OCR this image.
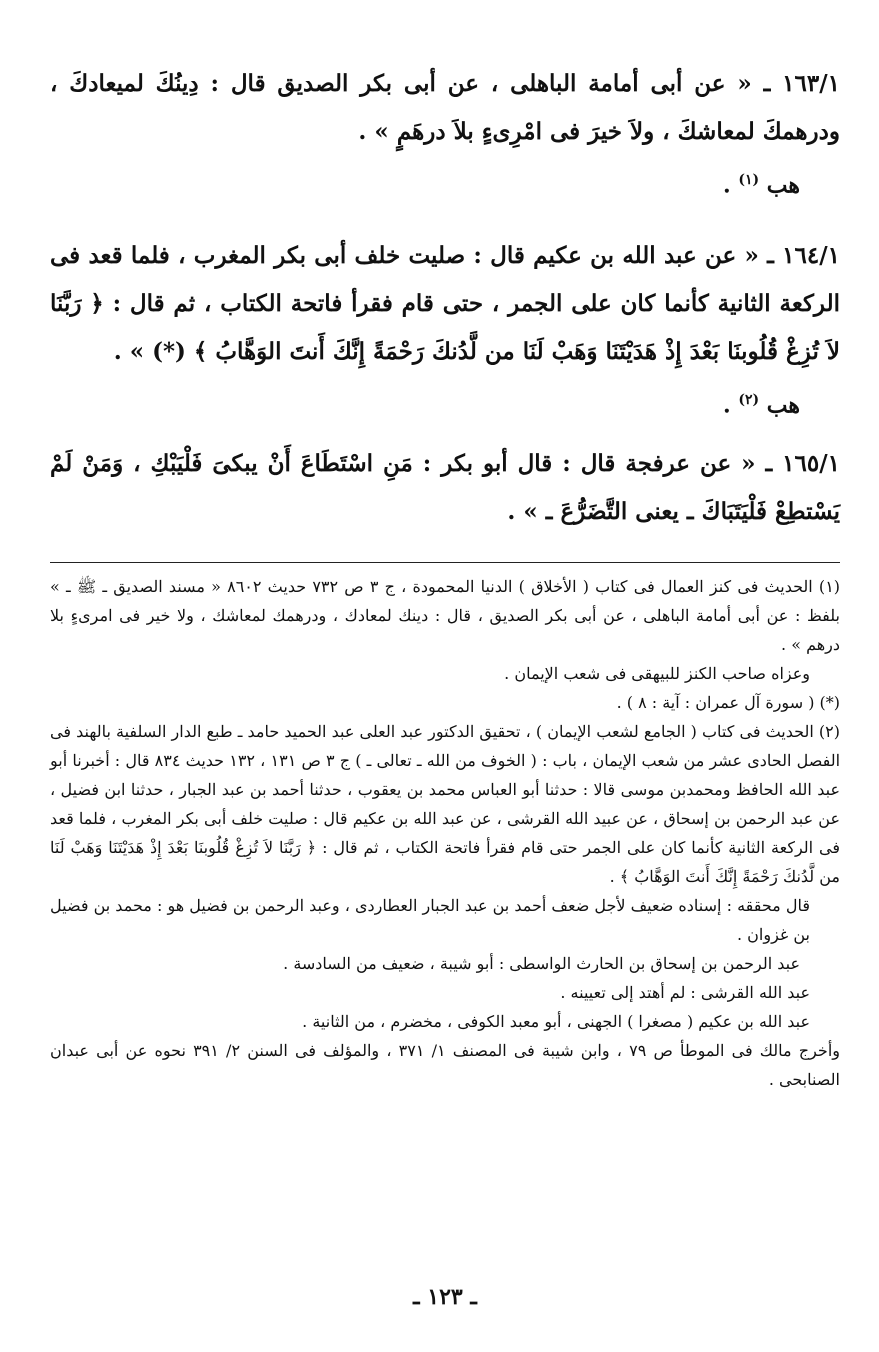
١٦٣/١ ـ « عن أبى أمامة الباهلى ، عن أبى بكر الصديق قال : دِينُكَ لميعادكَ ، ودرهمكَ لمعاشكَ ، ولاَ خيرَ فى امْرِىءٍ بلاَ درهَمٍ » .
هب $^{(١)}$ .
١٦٤/١ ـ « عن عبد الله بن عكيم قال : صليت خلف أبى بكر المغرب ، فلما قعد فى الركعة الثانية كأنما كان على الجمر ، حتى قام فقرأ فاتحة الكتاب ، ثم قال : ﴿ رَبَّنَا لاَ تُزِغْ قُلُوبنَا بَعْدَ إِذْ هَدَيْتَنَا وَهَبْ لَنَا من لَّدُنكَ رَحْمَةً إِنَّكَ أَنتَ الوَهَّابُ ﴾ (*) » .
هب $^{(٢)}$ .
١٦٥/١ ـ « عن عرفجة قال : قال أبو بكر : مَنِ اسْتَطَاعَ أَنْ يبكىَ فَلْيَبْكِ ، وَمَنْ لَمْ يَسْتطِعْ فَلْيَتَبَاكَ ـ يعنى التَّضَرُّعَ ـ » .

(١) الحديث فى كنز العمال فى كتاب ( الأخلاق ) الدنيا المحمودة ، ج ٣ ص ٧٣٢ حديث ٨٦٠٢ « مسند الصديق ـ ﷺ ـ » بلفظ : عن أبى أمامة الباهلى ، عن أبى بكر الصديق ، قال : دينك لمعادك ، ودرهمك لمعاشك ، ولا خير فى امرىءٍ بلا درهم » .

وعزاه صاحب الكنز للبيهقى فى شعب الإيمان .

(*) ( سورة آل عمران : آية : ٨ ) .

(٢) الحديث فى كتاب ( الجامع لشعب الإيمان ) ، تحقيق الدكتور عبد العلى عبد الحميد حامد ـ طبع الدار السلفية بالهند فى الفصل الحادى عشر من شعب الإيمان ، باب : ( الخوف من الله ـ تعالى ـ ) ج ٣ ص ١٣١ ، ١٣٢ حديث ٨٣٤ قال : أخبرنا أبو عبد الله الحافظ ومحمدبن موسى قالا : حدثنا أبو العباس محمد بن يعقوب ، حدثنا أحمد بن عبد الجبار ، حدثنا ابن فضيل ، عن عبد الرحمن بن إسحاق ، عن عبيد الله القرشى ، عن عبد الله بن عكيم قال : صليت خلف أبى بكر المغرب ، فلما قعد فى الركعة الثانية كأنما كان على الجمر حتى قام فقرأ فاتحة الكتاب ، ثم قال : ﴿ رَبَّنَا لاَ تُزِغْ قُلُوبنَا بَعْدَ إِذْ هَدَيْتَنَا وَهَبْ لَنَا من لَّدُنكَ رَحْمَةً إِنَّكَ أَنتَ الوَهَّابُ ﴾ .

قال محققه : إسناده ضعيف لأجل ضعف أحمد بن عبد الجبار العطاردى ، وعبد الرحمن بن فضيل هو : محمد بن فضيل بن غزوان .

عبد الرحمن بن إسحاق بن الحارث الواسطى : أبو شيبة ، ضعيف من السادسة .

عبد الله القرشى : لم أهتد إلى تعيينه .

عبد الله بن عكيم ( مصغرا ) الجهنى ، أبو معبد الكوفى ، مخضرم ، من الثانية .

وأخرج مالك فى الموطأ ص ٧٩ ، وابن شيبة فى المصنف ١/ ٣٧١ ، والمؤلف فى السنن ٢/ ٣٩١ نحوه عن أبى عبدان الصنابحى .

ـ ١٢٣ ـ
